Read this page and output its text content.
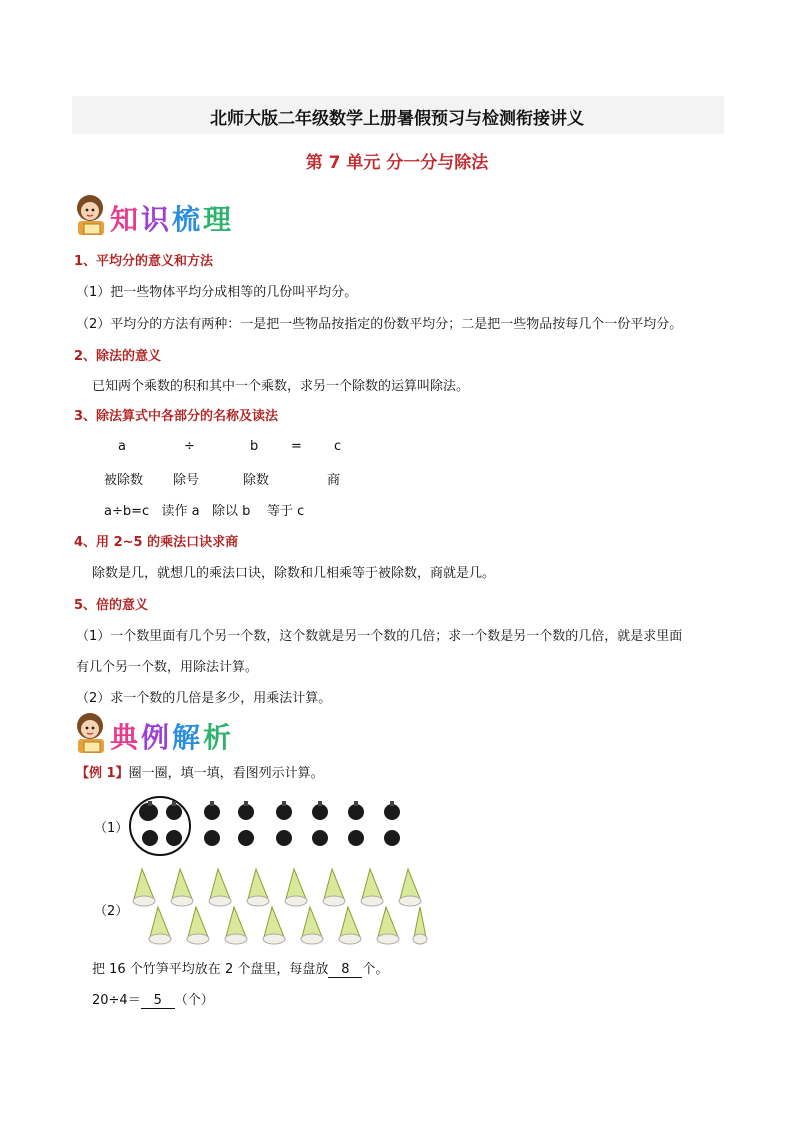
北师大版二年级数学上册暑假预习与检测衔接讲义
第 7 单元 分一分与除法
知识梳理
1、平均分的意义和方法
（1）把一些物体平均分成相等的几份叫平均分。
（2）平均分的方法有两种：一是把一些物品按指定的份数平均分；二是把一些物品按每几个一份平均分。
2、除法的意义
已知两个乘数的积和其中一个乘数，求另一个除数的运算叫除法。
3、除法算式中各部分的名称及读法
a	÷	b	= c
被除数 除号	除数	商
a÷b=c   读作 a   除以 b    等于 c
4、用 2~5 的乘法口诀求商
除数是几，就想几的乘法口诀，除数和几相乘等于被除数，商就是几。
5、倍的意义
（1）一个数里面有几个另一个数，这个数就是另一个数的几倍；求一个数是另一个数的几倍，就是求里面
有几个另一个数，用除法计算。
（2）求一个数的几倍是多少，用乘法计算。
典例解析
【例 1】圈一圈，填一填，看图列示计算。
（1）
（2）
把 16 个竹笋平均放在 2 个盘里，每盘放 8 个。
20÷4＝ 5 （个）
